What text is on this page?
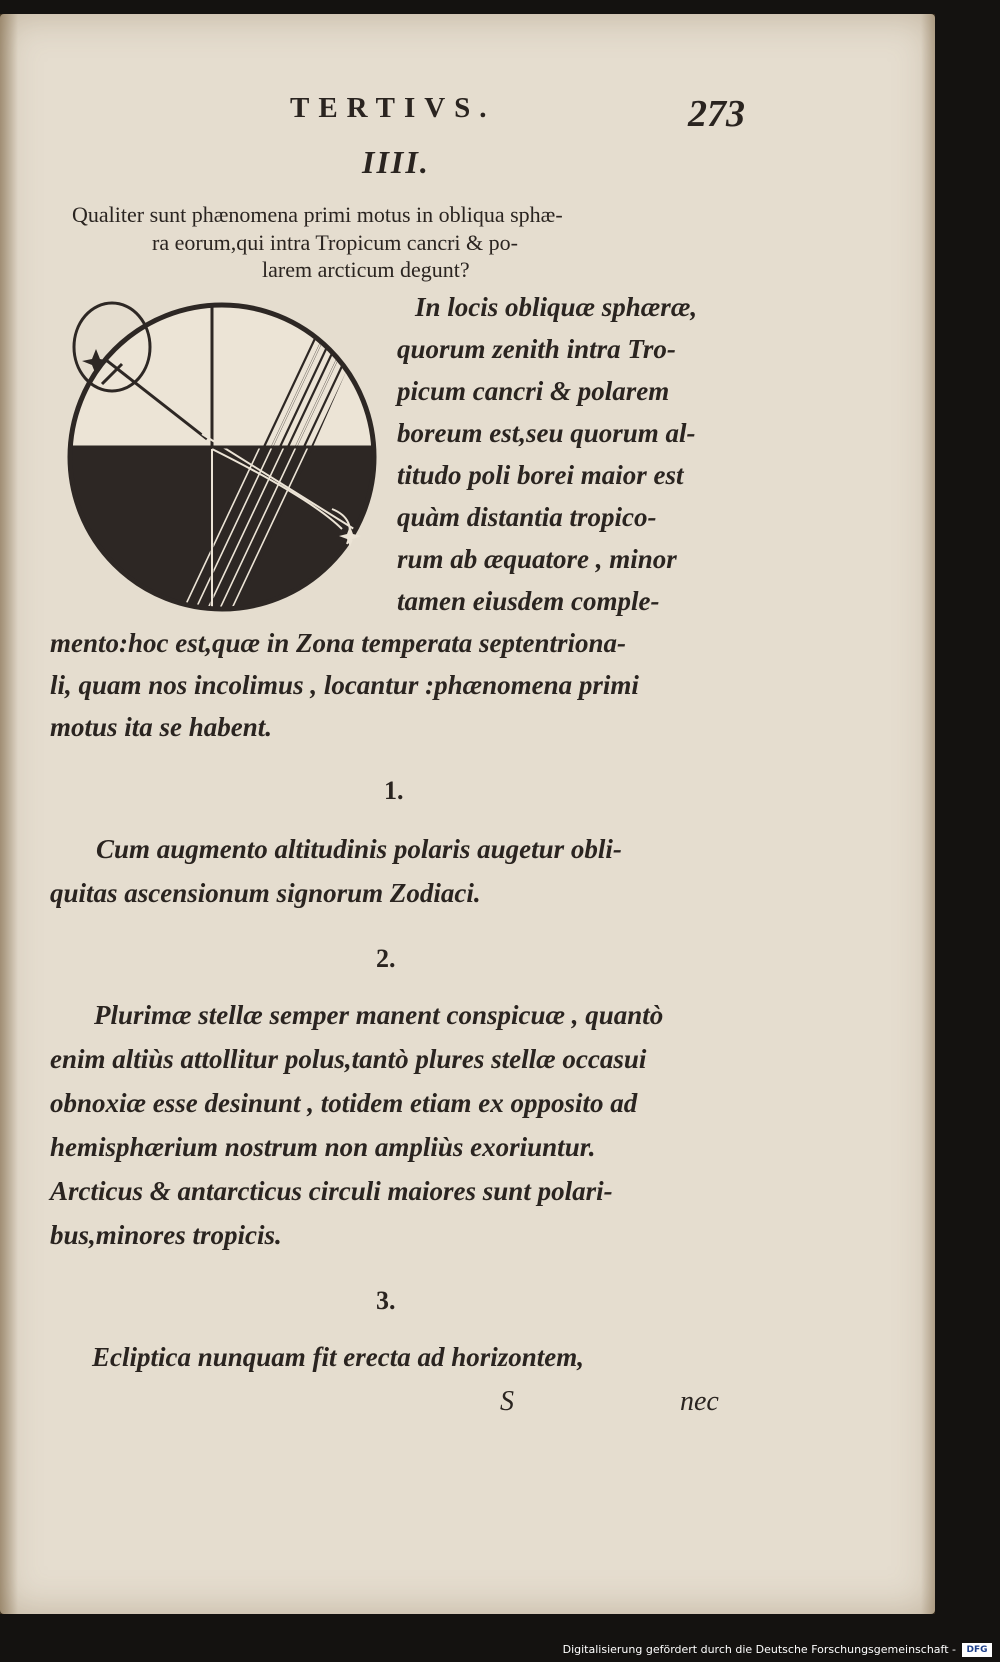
TERTIVS.	273
IIII.
Qualiter sunt phænomena primi motus in obliqua sphæ-
ra eorum,qui intra Tropicum cancri & po-
larem arcticum degunt?
In locis obliquæ sphæræ,
quorum zenith intra Tro-
picum cancri & polarem
boreum est,seu quorum al-
titudo poli borei maior est
quàm distantia tropico-
rum ab æquatore , minor
tamen eiusdem comple-
mento:hoc est,quæ in Zona temperata septentriona-
li, quam nos incolimus , locantur :phænomena primi
motus ita se habent.
1.
Cum augmento altitudinis polaris augetur obli-
quitas ascensionum signorum Zodiaci.
2.
Plurimæ stellæ semper manent conspicuæ , quantò
enim altiùs attollitur polus,tantò plures stellæ occasui
obnoxiæ esse desinunt , totidem etiam ex opposito ad
hemisphærium nostrum non ampliùs exoriuntur.
Arcticus & antarcticus circuli maiores sunt polari-
bus,minores tropicis.
3.
Ecliptica nunquam fit erecta ad horizontem,
S	nec
Digitalisierung gefördert durch die Deutsche Forschungsgemeinschaft -	DFG
